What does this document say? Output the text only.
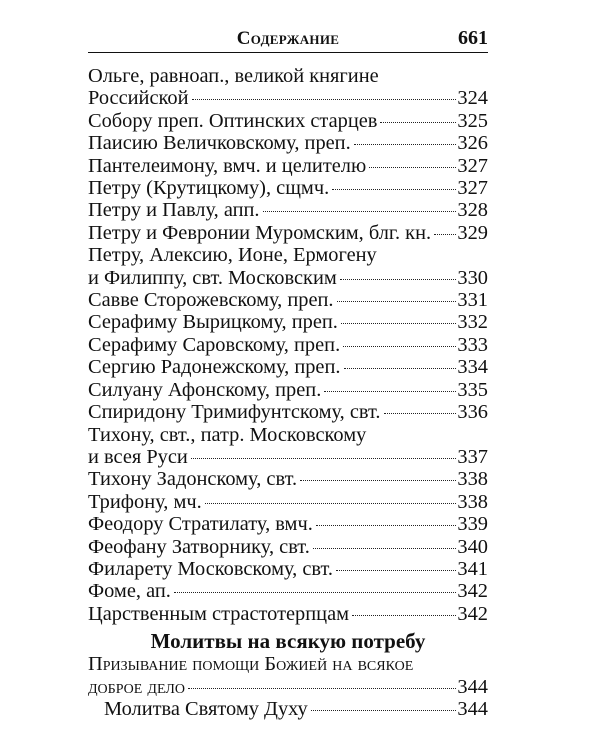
Содержание	661
Ольге, равноап., великой княгине
Российской	324
Собору преп. Оптинских старцев	325
Паисию Величковскому, преп.	326
Пантелеимону, вмч. и целителю	327
Петру (Крутицкому), сщмч.	327
Петру и Павлу, апп.	328
Петру и Февронии Муромским, блг. кн. 329
Петру, Алексию, Ионе, Ермогену
и Филиппу, свт. Московским	330
Савве Сторожевскому, преп.	331
Серафиму Вырицкому, преп.	332
Серафиму Саровскому, преп.	333
Сергию Радонежскому, преп.	334
Силуану Афонскому, преп.	335
Спиридону Тримифунтскому, свт.	336
Тихону, свт., патр. Московскому
и всея Руси	337
Тихону Задонскому, свт.	338
Трифону, мч.	338
Феодору Стратилату, вмч.	339
Феофану Затворнику, свт.	340
Филарету Московскому, свт.	341
Фоме, ап.	342
Царственным страстотерпцам	342
Молитвы на всякую потребу
Призывание помощи Божией на всякое
доброе дело	344
Молитва Святому Духу	344
